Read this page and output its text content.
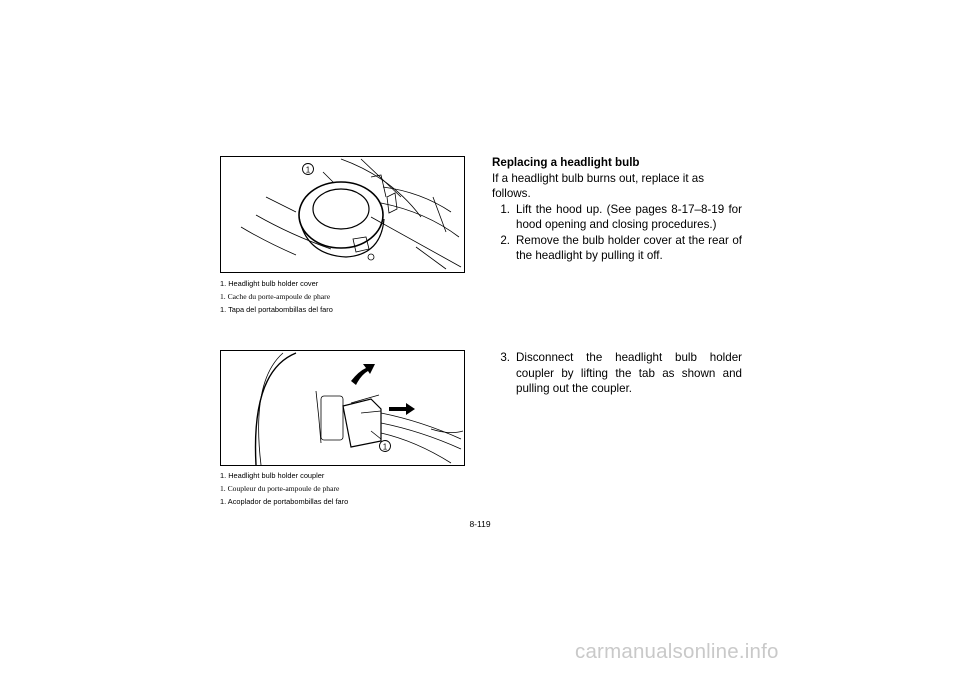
1
1. Headlight bulb holder cover
1. Cache du porte-ampoule de phare
1. Tapa del portabombillas del faro
1
1. Headlight bulb holder coupler
1. Coupleur du porte-ampoule de phare
1. Acoplador de portabombillas del faro
Replacing a headlight bulb
If a headlight bulb burns out, replace it as follows.
1. Lift the hood up. (See pages 8-17–8-19 for hood opening and closing procedures.)
2. Remove the bulb holder cover at the rear of the headlight by pulling it off.
3. Disconnect the headlight bulb holder coupler by lifting the tab as shown and pulling out the coupler.
8-119
carmanualsonline.info
